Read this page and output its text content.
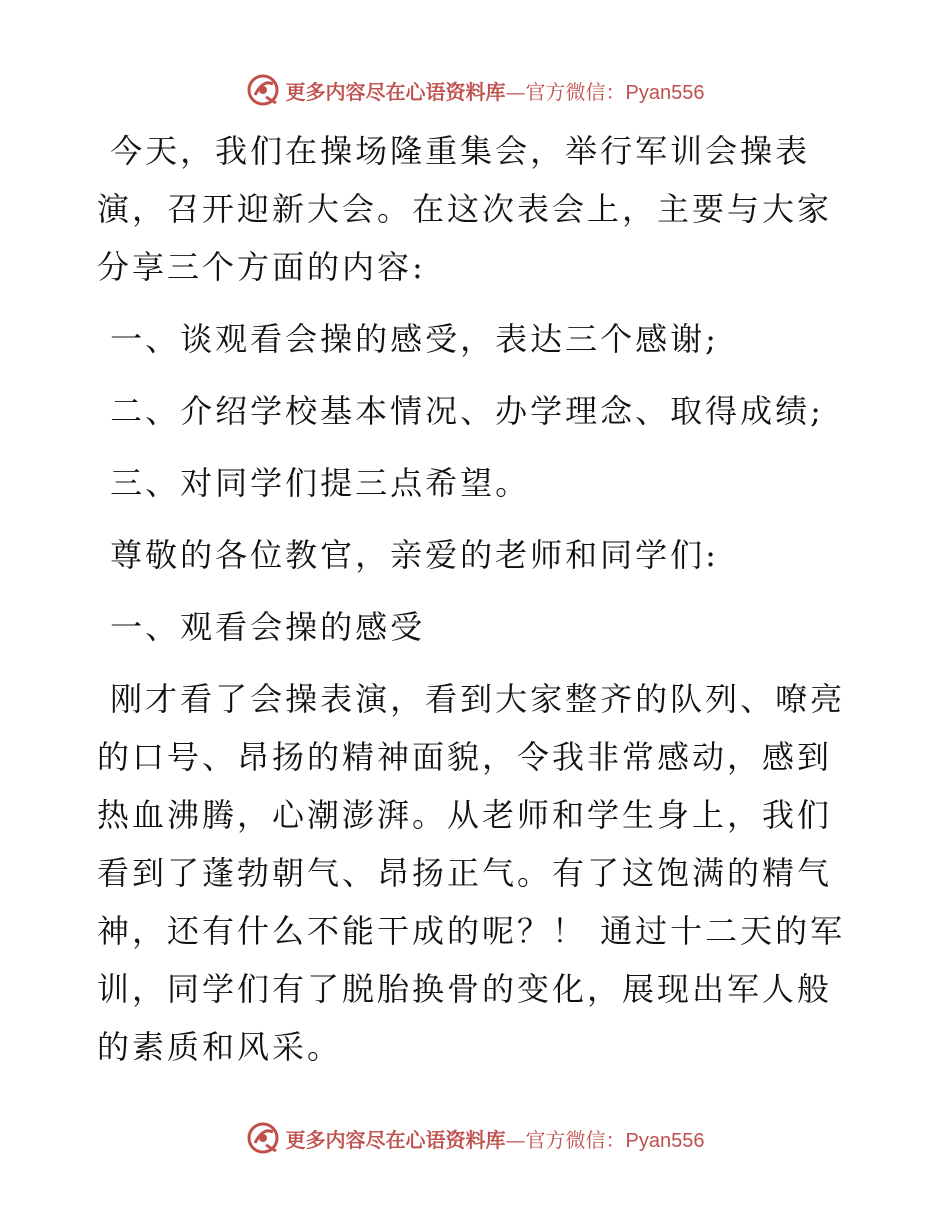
更多内容尽在心语资料库—官方微信：Pyan556

今天，我们在操场隆重集会，举行军训会操表演，召开迎新大会。在这次表会上，主要与大家分享三个方面的内容:

一、谈观看会操的感受，表达三个感谢;

二、介绍学校基本情况、办学理念、取得成绩;

三、对同学们提三点希望。

尊敬的各位教官，亲爱的老师和同学们:

一、观看会操的感受

刚才看了会操表演，看到大家整齐的队列、嘹亮的口号、昂扬的精神面貌，令我非常感动，感到热血沸腾，心潮澎湃。从老师和学生身上，我们看到了蓬勃朝气、昂扬正气。有了这饱满的精气神，还有什么不能干成的呢？！ 通过十二天的军训，同学们有了脱胎换骨的变化，展现出军人般的素质和风采。

更多内容尽在心语资料库—官方微信：Pyan556
